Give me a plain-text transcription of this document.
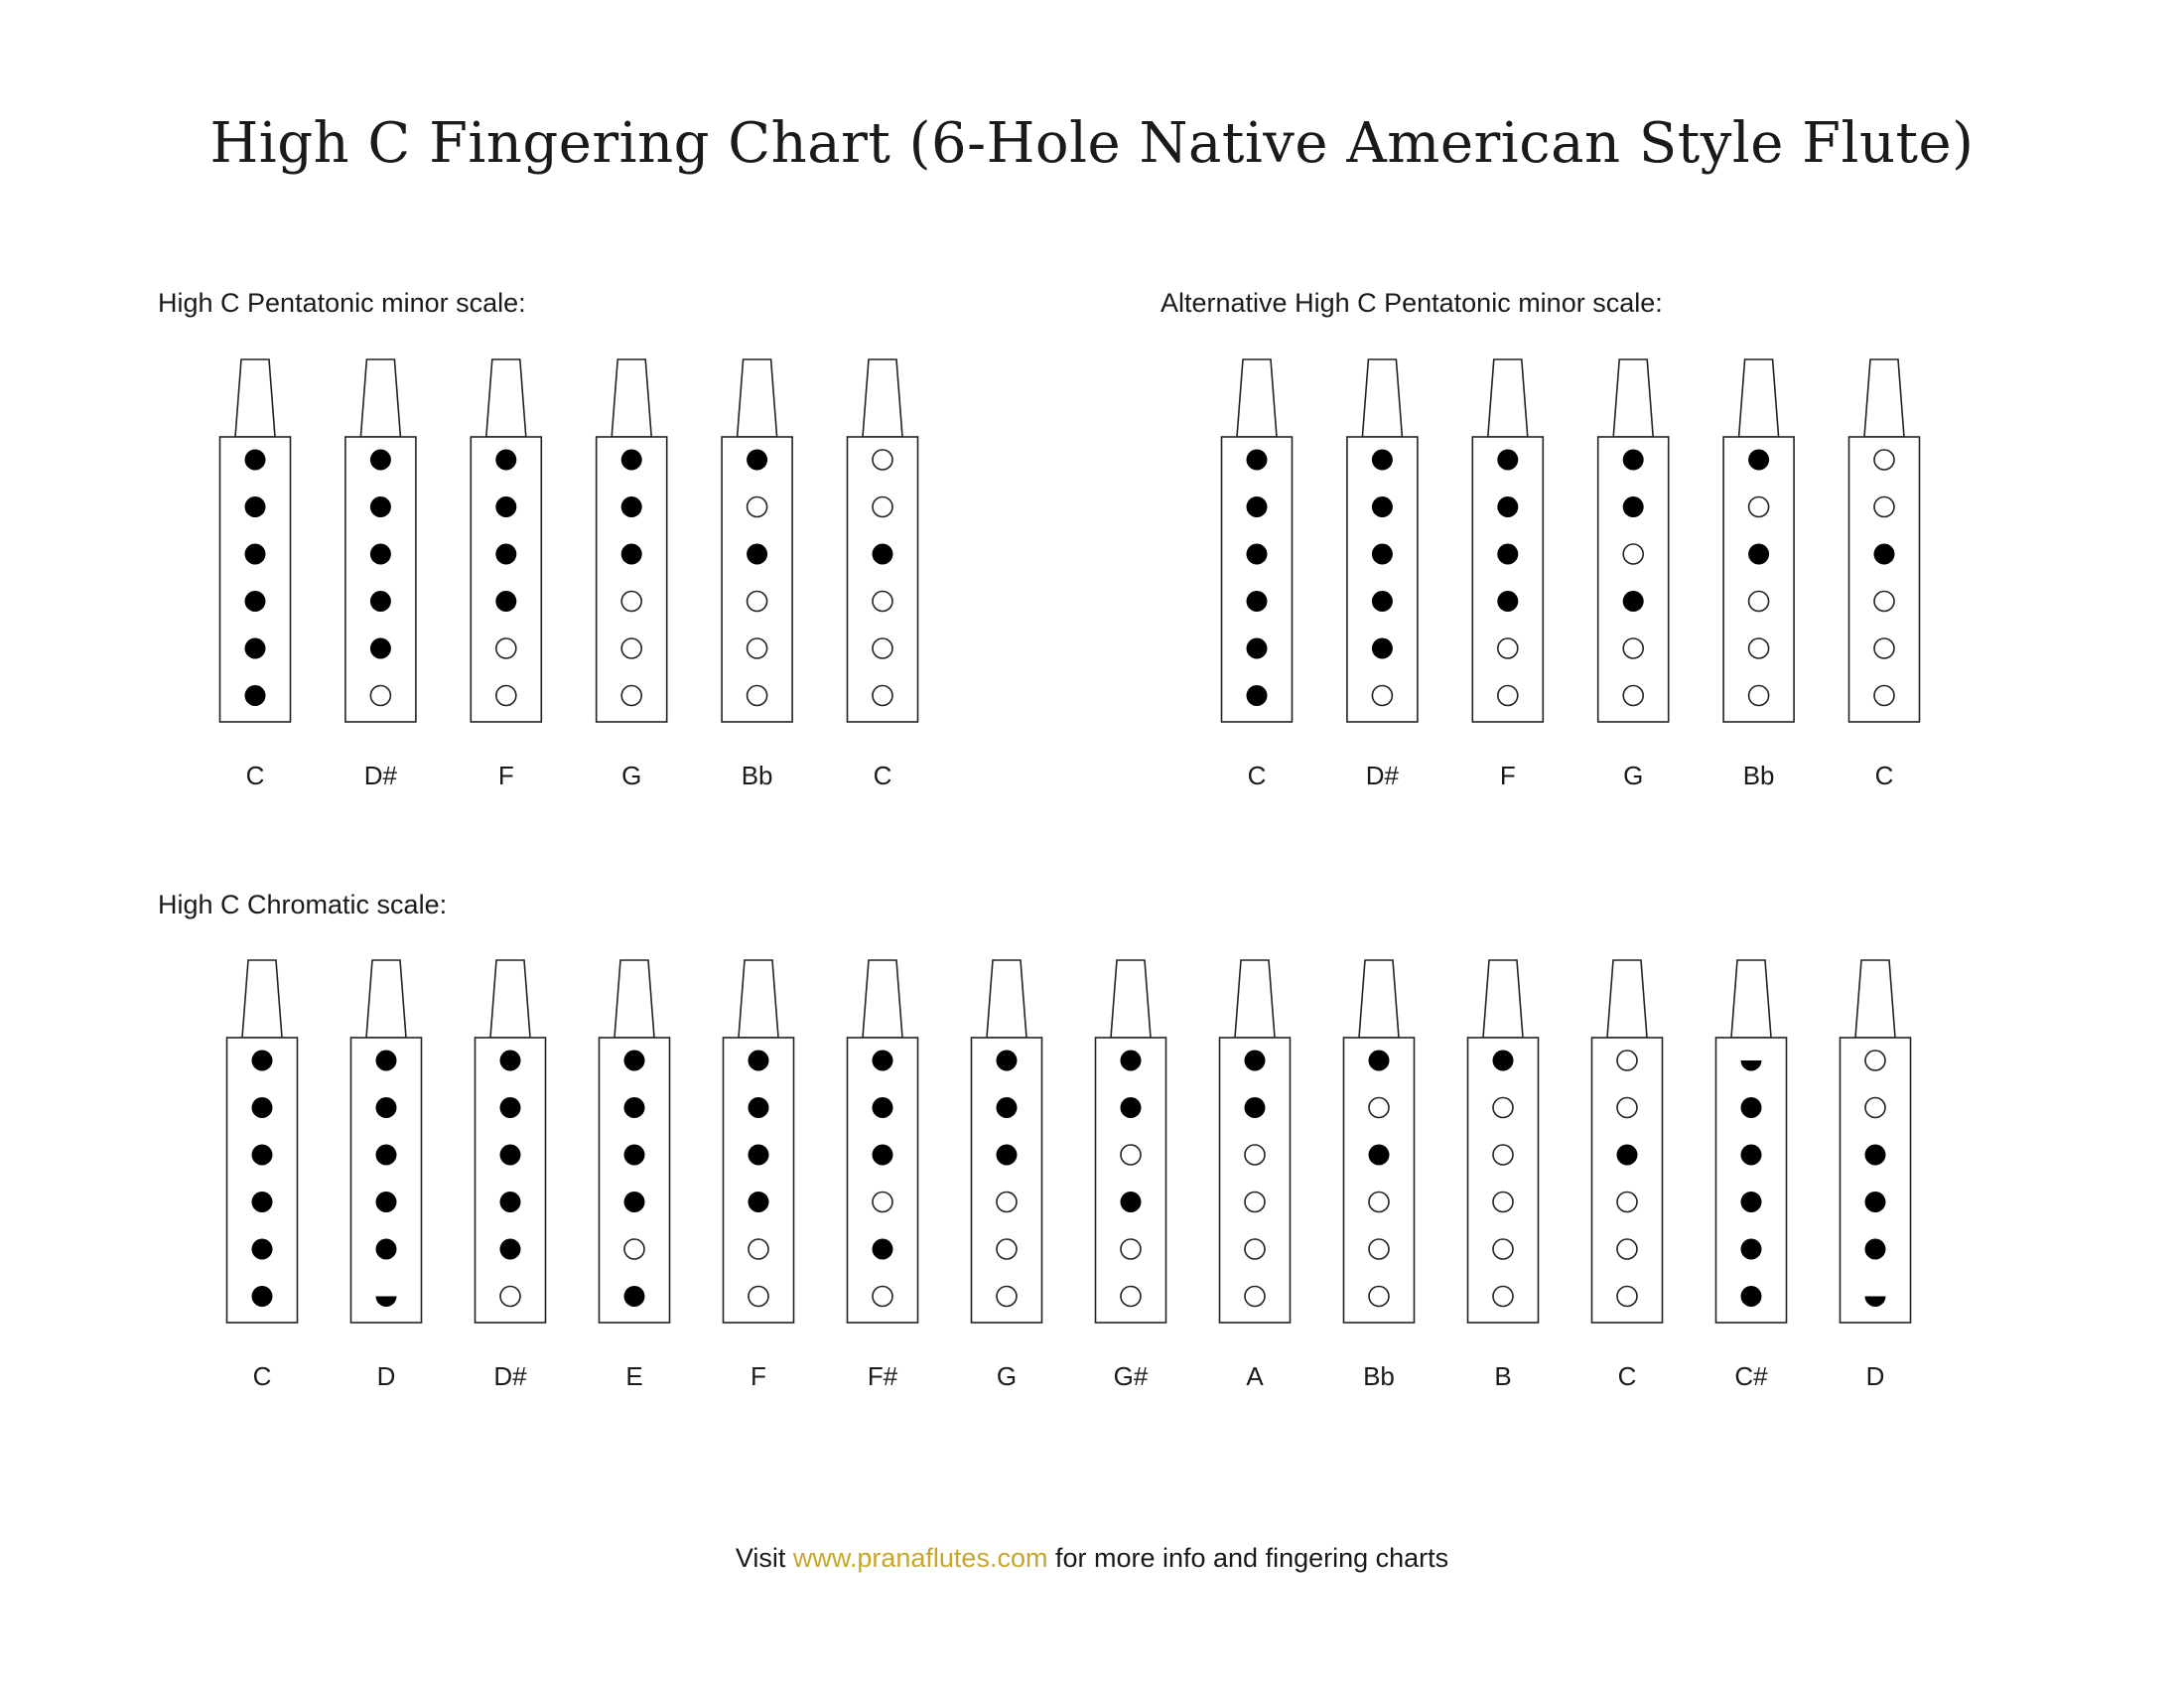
High C Fingering Chart (6-Hole Native American Style Flute)
High C Pentatonic minor scale:	Alternative High C Pentatonic minor scale:
High C Chromatic scale:
C	D#	F	G	Bb	C	C	D#	F	G	Bb	C
C	D	D#	E	F	F#	G	G#	A	Bb	B	C	C#	D
Visit www.pranaflutes.com for more info and fingering charts
